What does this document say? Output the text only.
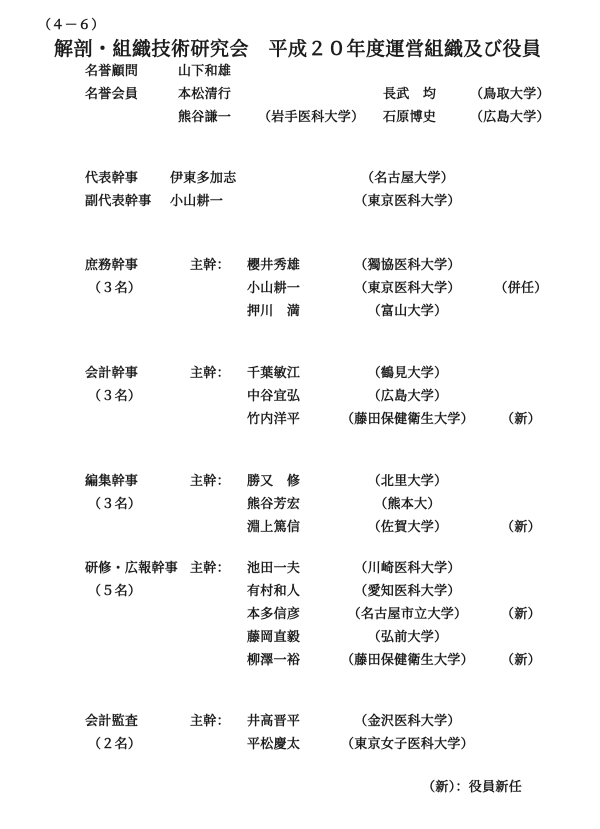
（４－６）
解剖・組織技術研究会　平成２０年度運営組織及び役員
名誉顧問	山下和雄
名誉会員	本松清行	長武　均	（鳥取大学）
熊谷謙一	（岩手医科大学）	石原博史	（広島大学）
代表幹事	伊東多加志	（名古屋大学）
副代表幹事	小山耕一	（東京医科大学）
庶務幹事	主幹：	櫻井秀雄	（獨協医科大学）
（３名）	小山耕一	（東京医科大学）	（併任）
押川　満	（富山大学）
会計幹事	主幹：	千葉敏江	（鶴見大学）
（３名）	中谷宜弘	（広島大学）
竹内洋平	（藤田保健衛生大学）	（新）
編集幹事	主幹：	勝又　修	（北里大学）
（３名）	熊谷芳宏	（熊本大）
淵上篤信	（佐賀大学）	（新）
研修・広報幹事 主幹：	池田一夫	（川崎医科大学）
（５名）	有村和人	（愛知医科大学）
本多信彦	（名古屋市立大学）	（新）
藤岡直毅	（弘前大学）
柳澤一裕	（藤田保健衛生大学）	（新）
会計監査	主幹：	井高晋平	（金沢医科大学）
（２名）	平松慶太	（東京女子医科大学）
（新）：役員新任
